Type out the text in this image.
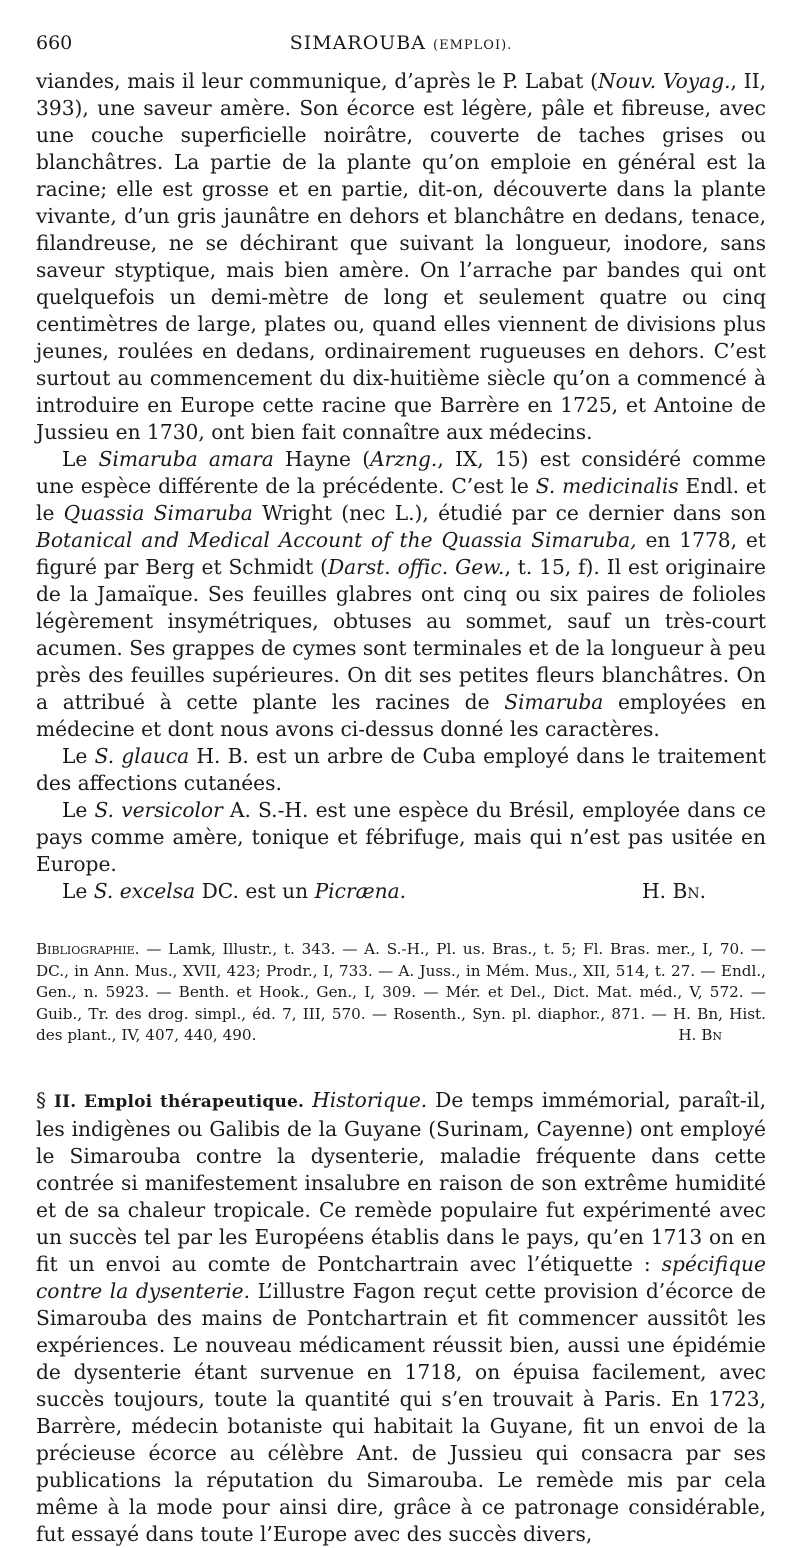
660	SIMAROUBA (EMPLOI).

viandes, mais il leur communique, d’après le P. Labat (Nouv. Voyag., II, 393), une saveur amère. Son écorce est légère, pâle et fibreuse, avec une couche superficielle noirâtre, couverte de taches grises ou blanchâtres. La partie de la plante qu’on emploie en général est la racine; elle est grosse et en partie, dit-on, découverte dans la plante vivante, d’un gris jaunâtre en dehors et blanchâtre en dedans, tenace, filandreuse, ne se déchirant que suivant la longueur, inodore, sans saveur styptique, mais bien amère. On l’arrache par bandes qui ont quelquefois un demi-mètre de long et seulement quatre ou cinq centimètres de large, plates ou, quand elles viennent de divisions plus jeunes, roulées en dedans, ordinairement rugueuses en dehors. C’est surtout au commencement du dix-huitième siècle qu’on a commencé à introduire en Europe cette racine que Barrère en 1725, et Antoine de Jussieu en 1730, ont bien fait connaître aux médecins.

Le Simaruba amara Hayne (Arzng., IX, 15) est considéré comme une espèce différente de la précédente. C’est le S. medicinalis Endl. et le Quassia Simaruba Wright (nec L.), étudié par ce dernier dans son Botanical and Medical Account of the Quassia Simaruba, en 1778, et figuré par Berg et Schmidt (Darst. offic. Gew., t. 15, f). Il est originaire de la Jamaïque. Ses feuilles glabres ont cinq ou six paires de folioles légèrement insymétriques, obtuses au sommet, sauf un très-court acumen. Ses grappes de cymes sont terminales et de la longueur à peu près des feuilles supérieures. On dit ses petites fleurs blanchâtres. On a attribué à cette plante les racines de Simaruba employées en médecine et dont nous avons ci-dessus donné les caractères.

Le S. glauca H. B. est un arbre de Cuba employé dans le traitement des affections cutanées.

Le S. versicolor A. S.-H. est une espèce du Brésil, employée dans ce pays comme amère, tonique et fébrifuge, mais qui n’est pas usitée en Europe.

Le S. excelsa DC. est un Picræna.	H. Bn.

Bibliographie. — Lamk, Illustr., t. 343. — A. S.-H., Pl. us. Bras., t. 5; Fl. Bras. mer., I, 70. — DC., in Ann. Mus., XVII, 423; Prodr., I, 733. — A. Juss., in Mém. Mus., XII, 514, t. 27. — Endl., Gen., n. 5923. — Benth. et Hook., Gen., I, 309. — Mér. et Del., Dict. Mat. méd., V, 572. — Guib., Tr. des drog. simpl., éd. 7, III, 570. — Rosenth., Syn. pl. diaphor., 871. — H. Bn, Hist. des plant., IV, 407, 440, 490.	H. Bn

§ II. Emploi thérapeutique. Historique. De temps immémorial, paraît-il, les indigènes ou Galibis de la Guyane (Surinam, Cayenne) ont employé le Simarouba contre la dysenterie, maladie fréquente dans cette contrée si manifestement insalubre en raison de son extrême humidité et de sa chaleur tropicale. Ce remède populaire fut expérimenté avec un succès tel par les Européens établis dans le pays, qu’en 1713 on en fit un envoi au comte de Pontchartrain avec l’étiquette : spécifique contre la dysenterie. L’illustre Fagon reçut cette provision d’écorce de Simarouba des mains de Pontchartrain et fit commencer aussitôt les expériences. Le nouveau médicament réussit bien, aussi une épidémie de dysenterie étant survenue en 1718, on épuisa facilement, avec succès toujours, toute la quantité qui s’en trouvait à Paris. En 1723, Barrère, médecin botaniste qui habitait la Guyane, fit un envoi de la précieuse écorce au célèbre Ant. de Jussieu qui consacra par ses publications la réputation du Simarouba. Le remède mis par cela même à la mode pour ainsi dire, grâce à ce patronage considérable, fut essayé dans toute l’Europe avec des succès divers,
